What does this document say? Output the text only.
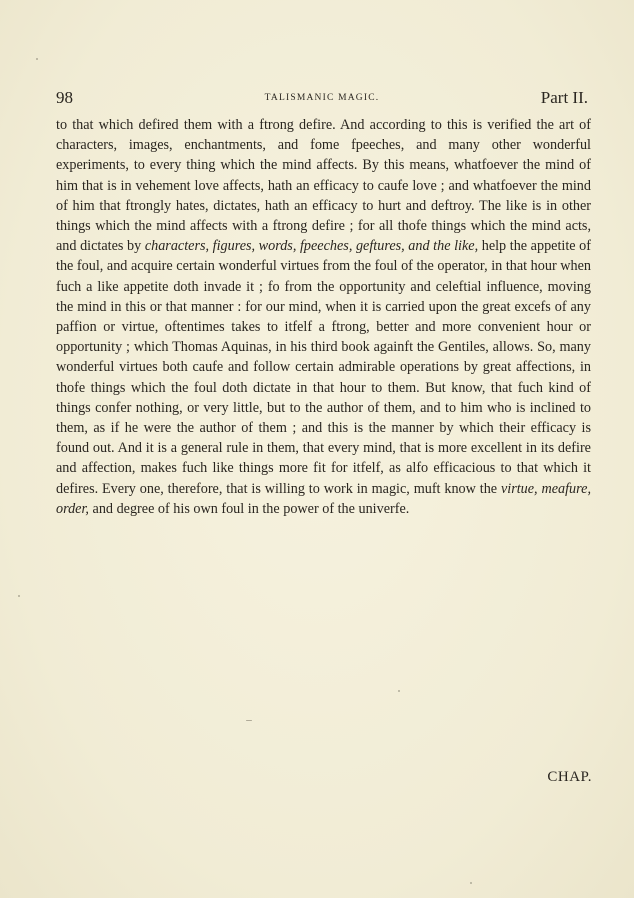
98	TALISMANIC MAGIC.	Part II.

to that which defired them with a ftrong defire. And according to this is verified the art of characters, images, enchantments, and fome fpeeches, and many other wonderful experiments, to every thing which the mind affects. By this means, whatfoever the mind of him that is in vehement love affects, hath an efficacy to caufe love ; and whatfoever the mind of him that ftrongly hates, dictates, hath an efficacy to hurt and deftroy. The like is in other things which the mind affects with a ftrong defire ; for all thofe things which the mind acts, and dictates by characters, figures, words, fpeeches, geftures, and the like, help the appetite of the foul, and acquire certain wonderful virtues from the foul of the operator, in that hour when fuch a like appetite doth invade it ; fo from the opportunity and celeftial influence, moving the mind in this or that manner : for our mind, when it is carried upon the great excefs of any paffion or virtue, oftentimes takes to itfelf a ftrong, better and more convenient hour or opportunity ; which Thomas Aquinas, in his third book againft the Gentiles, allows. So, many wonderful virtues both caufe and follow certain admirable operations by great affections, in thofe things which the foul doth dictate in that hour to them. But know, that fuch kind of things confer nothing, or very little, but to the author of them, and to him who is inclined to them, as if he were the author of them ; and this is the manner by which their efficacy is found out. And it is a general rule in them, that every mind, that is more excellent in its defire and affection, makes fuch like things more fit for itfelf, as alfo efficacious to that which it defires. Every one, therefore, that is willing to work in magic, muft know the virtue, meafure, order, and degree of his own foul in the power of the univerfe.

CHAP.
